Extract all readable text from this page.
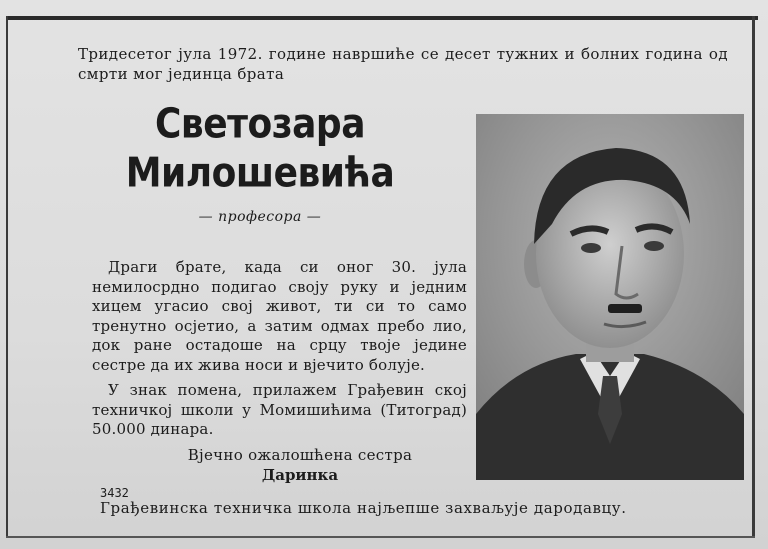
Тридесетог јула 1972. године навршиће се десет тужних и болних година од смрти мог јединца брата

Светозара
Милошевића
— професора —

Драги брате, када си оног 30. јула немилосрдно подигао своју руку и једним хицем угасио свој живот, ти си то само тренутно осјетио, а затим одмах пребо лио, док ране остадоше на срцу твоје јединe сестре да их жива носи и вјечито болује.

У знак помена, прилажем Грађевин ској техничкој школи у Момишићима (Титоград) 50.000 динара.

Вјечно ожалошћена сестра
Даринка
3432
Грађевинска техничка школа најљепше захваљује дародавцу.
